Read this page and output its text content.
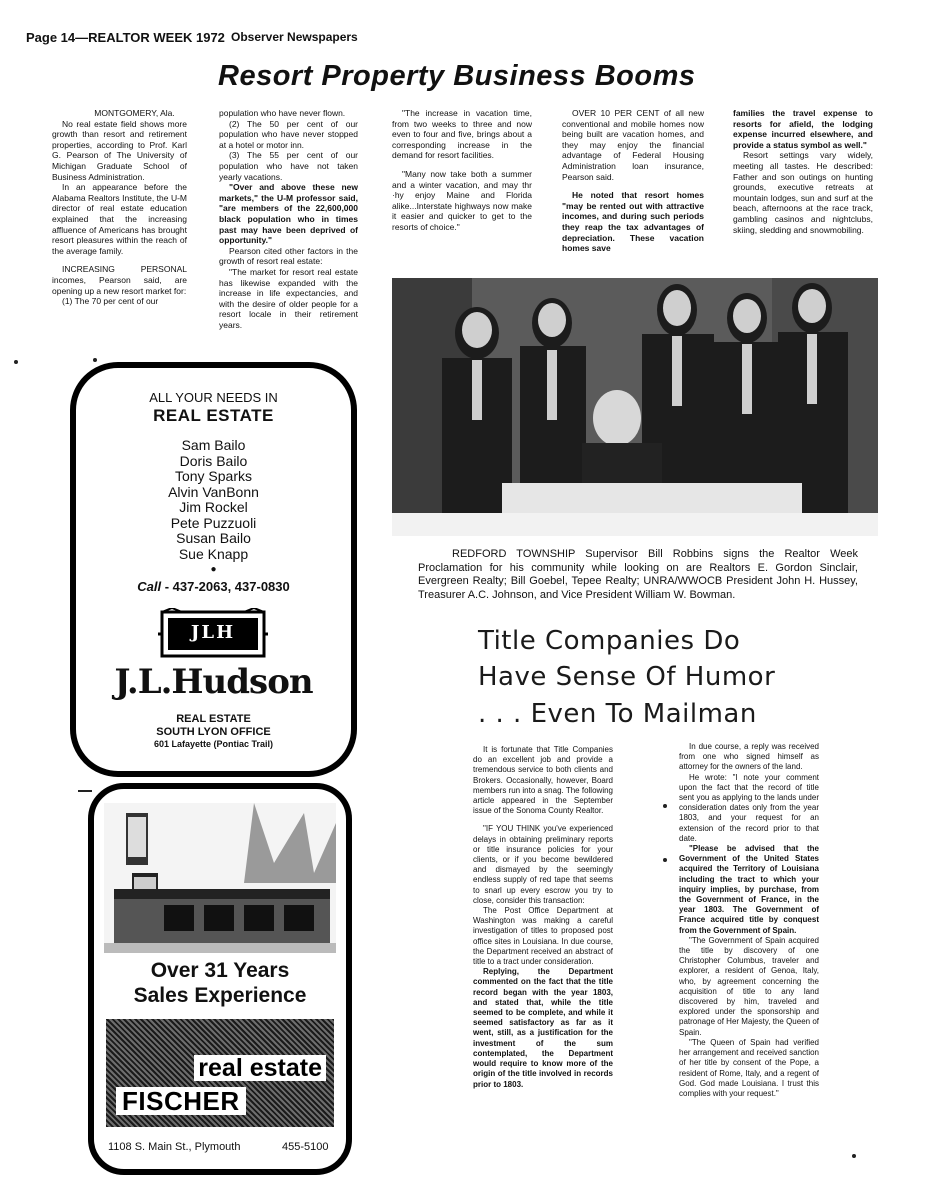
Page 14—REALTOR WEEK 1972 Observer Newspapers
Resort Property Business Booms

MONTGOMERY, Ala.

No real estate field shows more growth than resort and retirement properties, according to Prof. Karl G. Pearson of The University of Michigan Graduate School of Business Administration.

In an appearance before the Alabama Realtors Institute, the U-M director of real estate education explained that the increasing affluence of Americans has brought resort pleasures within the reach of the average family.

INCREASING PERSONAL incomes, Pearson said, are opening up a new resort market for:

(1) The 70 per cent of our

population who have never flown.

(2) The 50 per cent of our population who have never stopped at a hotel or motor inn.

(3) The 55 per cent of our population who have not taken yearly vacations.

"Over and above these new markets," the U-M professor said, "are members of the 22,600,000 black population who in times past may have been deprived of opportunity."

Pearson cited other factors in the growth of resort real estate:

"The market for resort real estate has likewise expanded with the increase in life expectancies, and with the desire of older people for a resort locale in their retirement years.

"The increase in vacation time, from two weeks to three and now even to four and five, brings about a corresponding increase in the demand for resort facilities.

"Many now take both a summer and a winter vacation, and may thr ·hy enjoy Maine and Florida alike...Interstate highways now make it easier and quicker to get to the resorts of choice."

OVER 10 PER CENT of all new conventional and mobile homes now being built are vacation homes, and they may enjoy the financial advantage of Federal Housing Administration loan insurance, Pearson said.

He noted that resort homes "may be rented out with attractive incomes, and during such periods they reap the tax advantages of depreciation. These vacation homes save

families the travel expense to resorts for afield, the lodging expense incurred elsewhere, and provide a status symbol as well."

Resort settings vary widely, meeting all tastes. He described: Father and son outings on hunting grounds, executive retreats at mountain lodges, sun and surf at the beach, afternoons at the race track, gambling casinos and nightclubs, skiing, sledding and snowmobiling.

REDFORD TOWNSHIP Supervisor Bill Robbins signs the Realtor Week Proclamation for his community while looking on are Realtors E. Gordon Sinclair, Evergreen Realty; Bill Goebel, Tepee Realty; UNRA/WWOCB President John H. Hussey, Treasurer A.C. Johnson, and Vice President William W. Bowman.
Title Companies Do
Have Sense Of Humor
. . . Even To Mailman

It is fortunate that Title Companies do an excellent job and provide a tremendous service to both clients and Brokers. Occasionally, however, Board members run into a snag. The following article appeared in the September issue of the Sonoma County Realtor.

"IF YOU THINK you've experienced delays in obtaining preliminary reports or title insurance policies for your clients, or if you become bewildered and dismayed by the seemingly endless supply of red tape that seems to snarl up every escrow you try to close, consider this transaction:

The Post Office Department at Washington was making a careful investigation of titles to proposed post office sites in Louisiana. In due course, the Department received an abstract of title to a tract under consideration.

Replying, the Department commented on the fact that the title record began with the year 1803, and stated that, while the title seemed to be complete, and while it seemed satisfactory as far as it went, still, as a justification for the investment of the sum contemplated, the Department would require to know more of the origin of the title involved in records prior to 1803.

In due course, a reply was received from one who signed himself as attorney for the owners of the land.

He wrote: "I note your comment upon the fact that the record of title sent you as applying to the lands under consideration dates only from the year 1803, and your request for an extension of the record prior to that date.

"Please be advised that the Government of the United States acquired the Territory of Louisiana including the tract to which your inquiry implies, by purchase, from the Government of France, in the year 1803. The Government of France acquired title by conquest from the Government of Spain.

"The Government of Spain acquired the title by discovery of one Christopher Columbus, traveler and explorer, a resident of Genoa, Italy, who, by agreement concerning the acquisition of title to any land discovered by him, traveled and explored under the sponsorship and patronage of Her Majesty, the Queen of Spain.

"The Queen of Spain had verified her arrangement and received sanction of her title by consent of the Pope, a resident of Rome, Italy, and a regent of God. God made Louisiana. I trust this complies with your request."

ALL YOUR NEEDS IN
REAL ESTATE
Sam Bailo
Doris Bailo
Tony Sparks
Alvin VanBonn
Jim Rockel
Pete Puzzuoli
Susan Bailo
Sue Knapp
●
Call - 437-2063, 437-0830
JLH
J.L.Hudson
REAL ESTATE
SOUTH LYON OFFICE
601 Lafayette (Pontiac Trail)
Over 31 Years
Sales Experience
real estate
FISCHER
1108 S. Main St., Plymouth	455-5100
